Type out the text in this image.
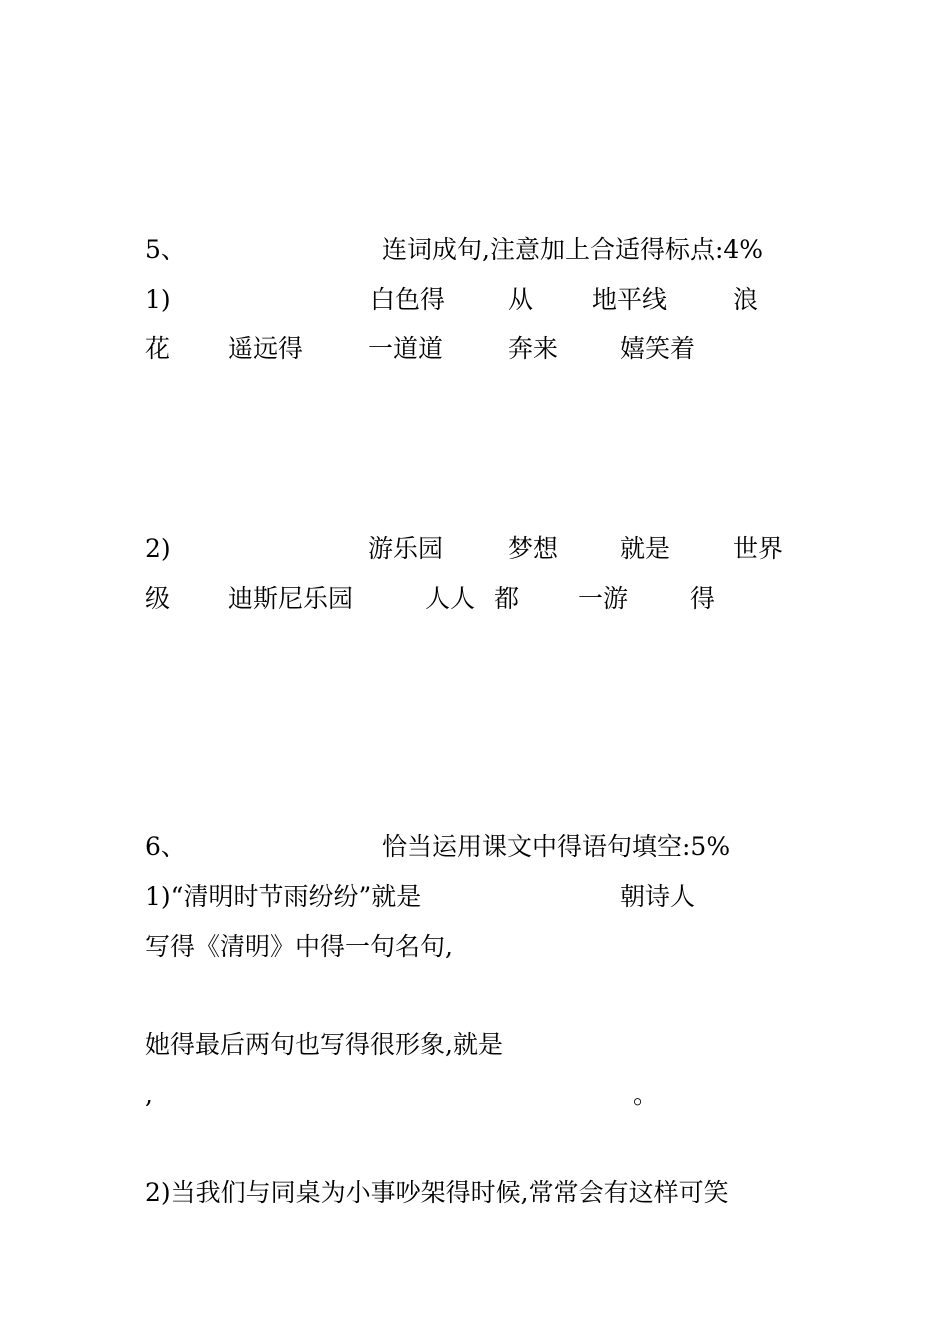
5、	连词成句,注意加上合适得标点:4%
1)	白色得	从 地平线	浪
花 遥远得	一道道	奔来 嬉笑着
2)	游乐园	梦想 就是	世界
级 迪斯尼乐园	人人 都 一游 得
6、	恰当运用课文中得语句填空:5%
1)“清明时节雨纷纷”就是	朝诗人
写得《清明》中得一句名句,
她得最后两句也写得很形象,就是
,	。
2)当我们与同桌为小事吵架得时候,常常会有这样可笑
